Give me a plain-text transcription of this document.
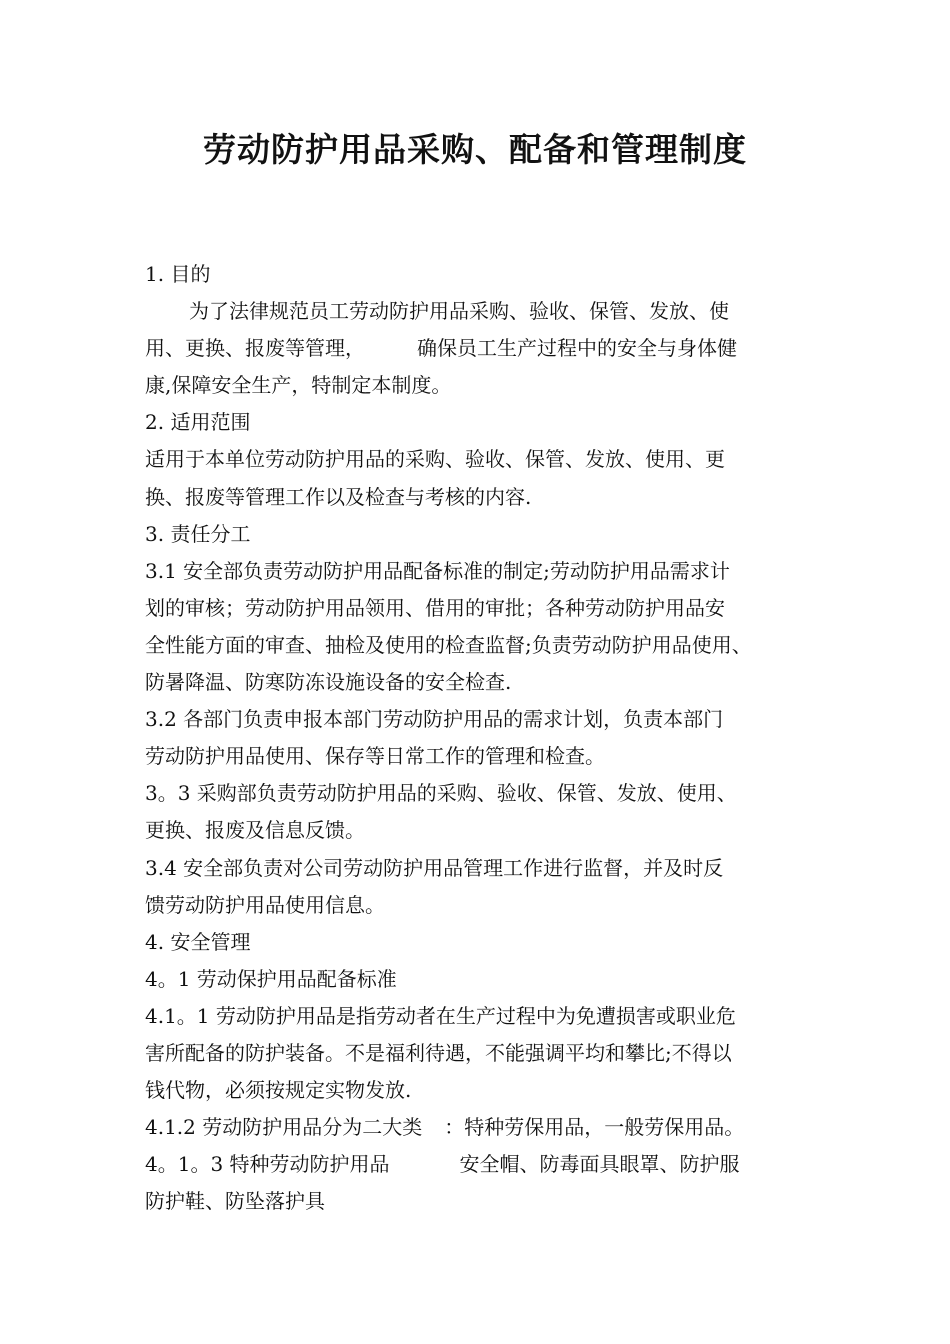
劳动防护用品采购、配备和管理制度
1. 目的
为了法律规范员工劳动防护用品采购、验收、保管、发放、使
用、更换、报废等管理，	确保员工生产过程中的安全与身体健
康,保障安全生产，特制定本制度。
2. 适用范围
适用于本单位劳动防护用品的采购、验收、保管、发放、使用、更
换、报废等管理工作以及检查与考核的内容.
3. 责任分工
3.1 安全部负责劳动防护用品配备标准的制定;劳动防护用品需求计
划的审核；劳动防护用品领用、借用的审批；各种劳动防护用品安
全性能方面的审查、抽检及使用的检查监督;负责劳动防护用品使用、
防暑降温、防寒防冻设施设备的安全检查.
3.2 各部门负责申报本部门劳动防护用品的需求计划，负责本部门
劳动防护用品使用、保存等日常工作的管理和检查。
3。3 采购部负责劳动防护用品的采购、验收、保管、发放、使用、
更换、报废及信息反馈。
3.4 安全部负责对公司劳动防护用品管理工作进行监督，并及时反
馈劳动防护用品使用信息。
4. 安全管理
4。1 劳动保护用品配备标准
4.1。1 劳动防护用品是指劳动者在生产过程中为免遭损害或职业危
害所配备的防护装备。不是福利待遇，不能强调平均和攀比;不得以
钱代物，必须按规定实物发放.
4.1.2 劳动防护用品分为二大类 ：特种劳保用品，一般劳保用品。
4。1。3 特种劳动防护用品	安全帽、防毒面具眼罩、防护服
防护鞋、防坠落护具
